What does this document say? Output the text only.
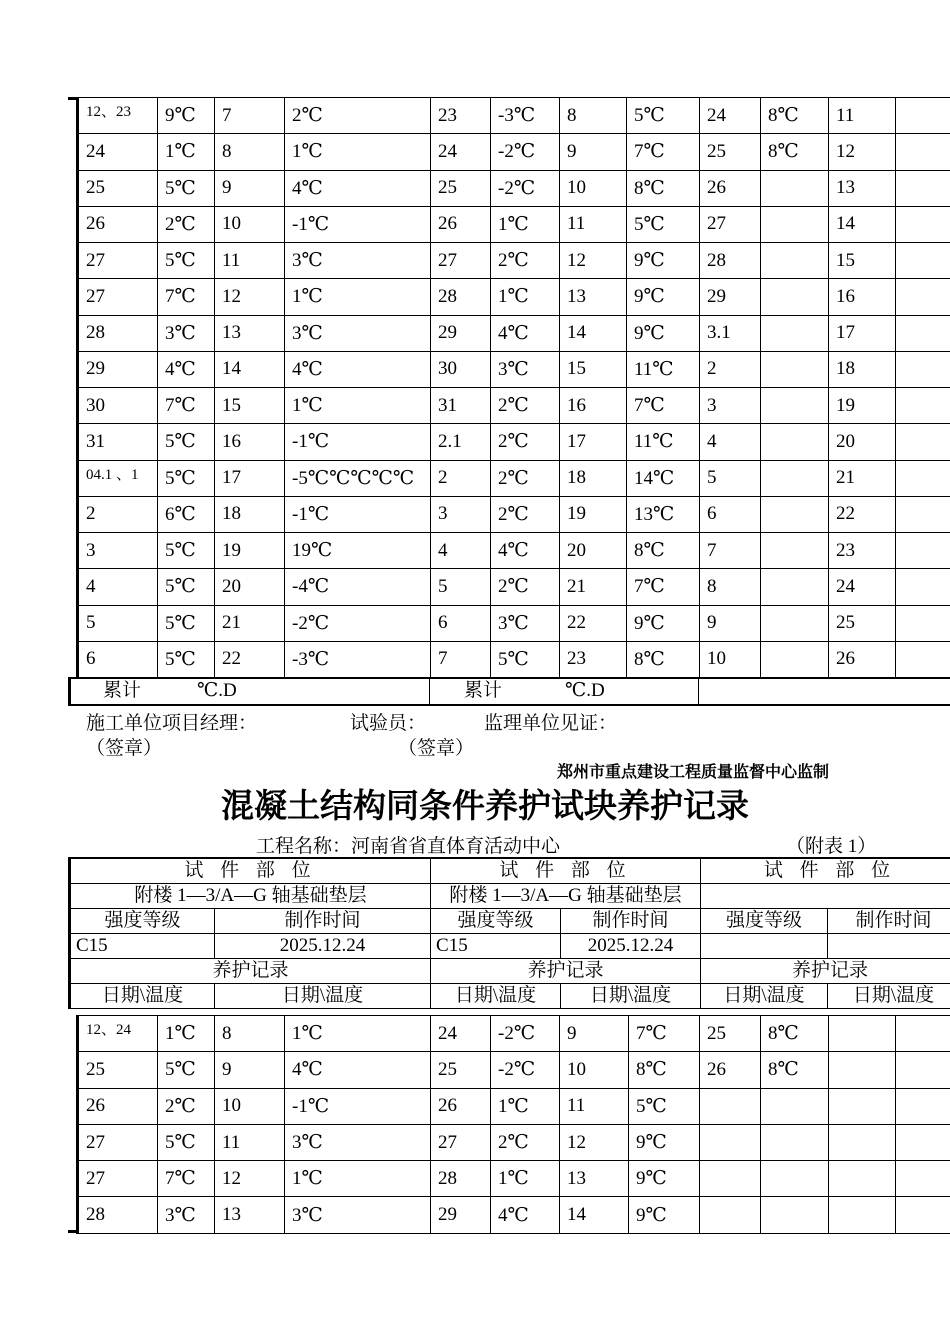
12、23	9℃	7	2℃	23	-3℃	8	5℃	24	8℃	11	
24	1℃	8	1℃	24	-2℃	9	7℃	25	8℃	12	
25	5℃	9	4℃	25	-2℃	10	8℃	26		13	
26	2℃	10	-1℃	26	1℃	11	5℃	27		14	
27	5℃	11	3℃	27	2℃	12	9℃	28		15	
27	7℃	12	1℃	28	1℃	13	9℃	29		16	
28	3℃	13	3℃	29	4℃	14	9℃	3.1		17	
29	4℃	14	4℃	30	3℃	15	11℃	2		18	
30	7℃	15	1℃	31	2℃	16	7℃	3		19	
31	5℃	16	-1℃	2.1	2℃	17	11℃	4		20	
04.1 、1	5℃	17	-5℃℃℃℃℃	2	2℃	18	14℃	5		21	
2	6℃	18	-1℃	3	2℃	19	13℃	6		22	
3	5℃	19	19℃	4	4℃	20	8℃	7		23	
4	5℃	20	-4℃	5	2℃	21	7℃	8		24	
5	5℃	21	-2℃	6	3℃	22	9℃	9		25	
6	5℃	22	-3℃	7	5℃	23	8℃	10		26	
累计	℃.D	累计	℃.D
施工单位项目经理：	试验员：	监理单位见证：
（签章）	（签章）
郑州市重点建设工程质量监督中心监制
混凝土结构同条件养护试块养护记录
工程名称：河南省省直体育活动中心	（附表 1）
试 件 部 位		试 件 部 位		试 件 部 位	
附楼 1—3/A—G 轴基础垫层		附楼 1—3/A—G 轴基础垫层			
强度等级	制作时间	强度等级	制作时间	强度等级	制作时间
C15	2025.12.24	C15	2025.12.24		
养护记录		养护记录		养护记录	
日期\温度	日期\温度	日期\温度	日期\温度	日期\温度	日期\温度
12、24	1℃	8	1℃	24	-2℃	9	7℃	25	8℃		
25	5℃	9	4℃	25	-2℃	10	8℃	26	8℃		
26	2℃	10	-1℃	26	1℃	11	5℃				
27	5℃	11	3℃	27	2℃	12	9℃				
27	7℃	12	1℃	28	1℃	13	9℃				
28	3℃	13	3℃	29	4℃	14	9℃				
